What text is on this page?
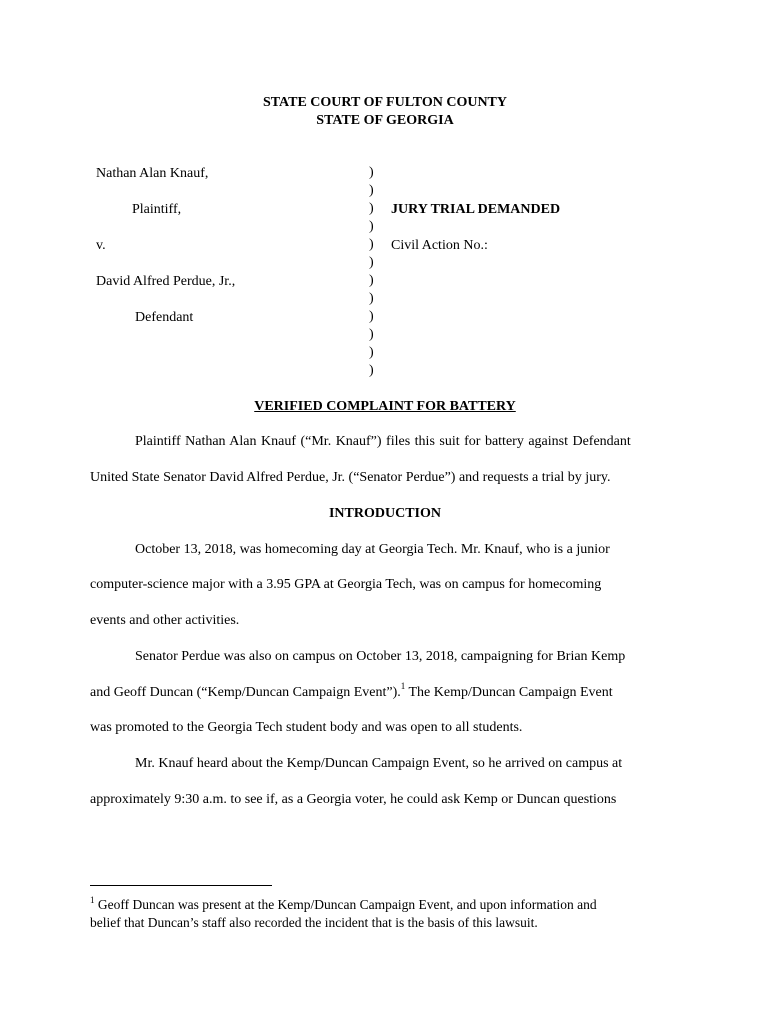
STATE COURT OF FULTON COUNTY
STATE OF GEORGIA
Nathan Alan Knauf,
Plaintiff,
v.
David Alfred Perdue, Jr.,
Defendant
)
)
)
)
)
)
)
)
)
)
)
)
JURY TRIAL DEMANDED
Civil Action No.:
VERIFIED COMPLAINT FOR BATTERY
Plaintiff Nathan Alan Knauf (“Mr. Knauf”) files this suit for battery against Defendant
United State Senator David Alfred Perdue, Jr. (“Senator Perdue”) and requests a trial by jury.
INTRODUCTION
October 13, 2018, was homecoming day at Georgia Tech. Mr. Knauf, who is a junior
computer-science major with a 3.95 GPA at Georgia Tech, was on campus for homecoming
events and other activities.
Senator Perdue was also on campus on October 13, 2018, campaigning for Brian Kemp
and Geoff Duncan (“Kemp/Duncan Campaign Event”).$^1$ The Kemp/Duncan Campaign Event
was promoted to the Georgia Tech student body and was open to all students.
Mr. Knauf heard about the Kemp/Duncan Campaign Event, so he arrived on campus at
approximately 9:30 a.m. to see if, as a Georgia voter, he could ask Kemp or Duncan questions
$^1$ Geoff Duncan was present at the Kemp/Duncan Campaign Event, and upon information and
belief that Duncan’s staff also recorded the incident that is the basis of this lawsuit.
